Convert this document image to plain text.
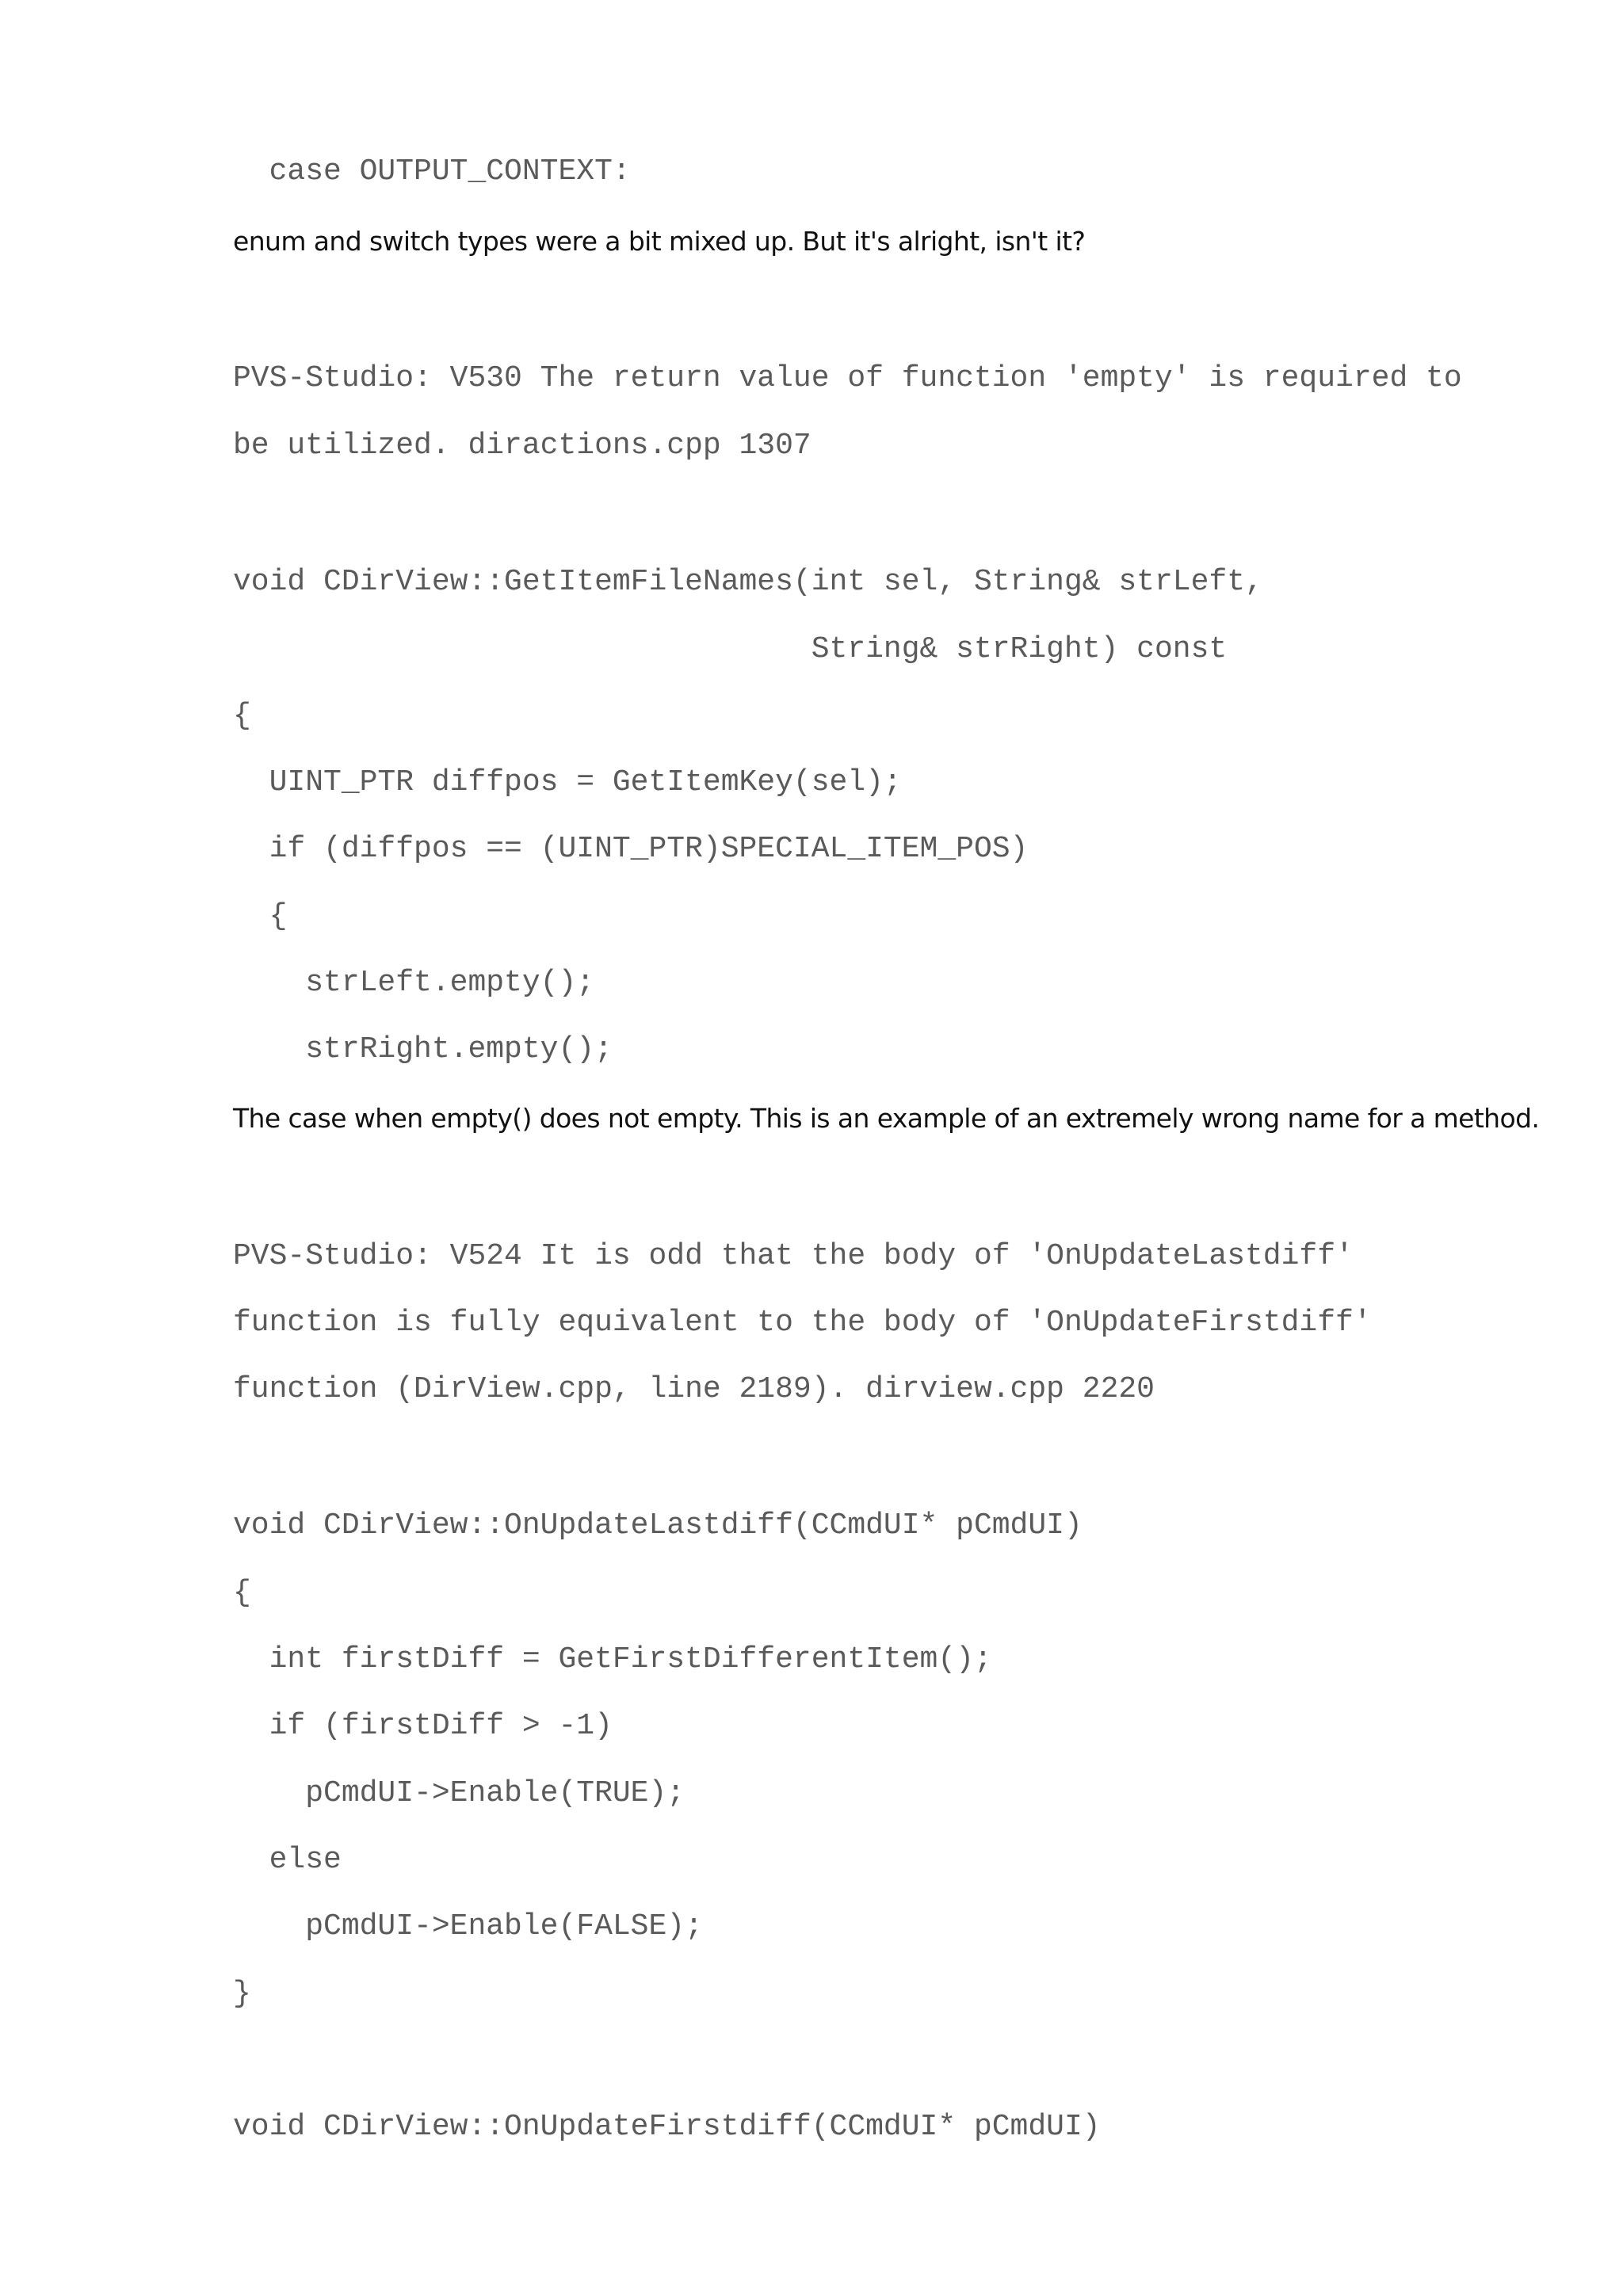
case OUTPUT_CONTEXT:
enum and switch types were a bit mixed up. But it's alright, isn't it?
PVS-Studio: V530 The return value of function 'empty' is required to
be utilized. diractions.cpp 1307
void CDirView::GetItemFileNames(int sel, String& strLeft,
String& strRight) const
{
UINT_PTR diffpos = GetItemKey(sel);
if (diffpos == (UINT_PTR)SPECIAL_ITEM_POS)
{
strLeft.empty();
strRight.empty();
The case when empty() does not empty. This is an example of an extremely wrong name for a method.
PVS-Studio: V524 It is odd that the body of 'OnUpdateLastdiff'
function is fully equivalent to the body of 'OnUpdateFirstdiff'
function (DirView.cpp, line 2189). dirview.cpp 2220
void CDirView::OnUpdateLastdiff(CCmdUI* pCmdUI)
{
int firstDiff = GetFirstDifferentItem();
if (firstDiff > -1)
pCmdUI->Enable(TRUE);
else
pCmdUI->Enable(FALSE);
}
void CDirView::OnUpdateFirstdiff(CCmdUI* pCmdUI)
